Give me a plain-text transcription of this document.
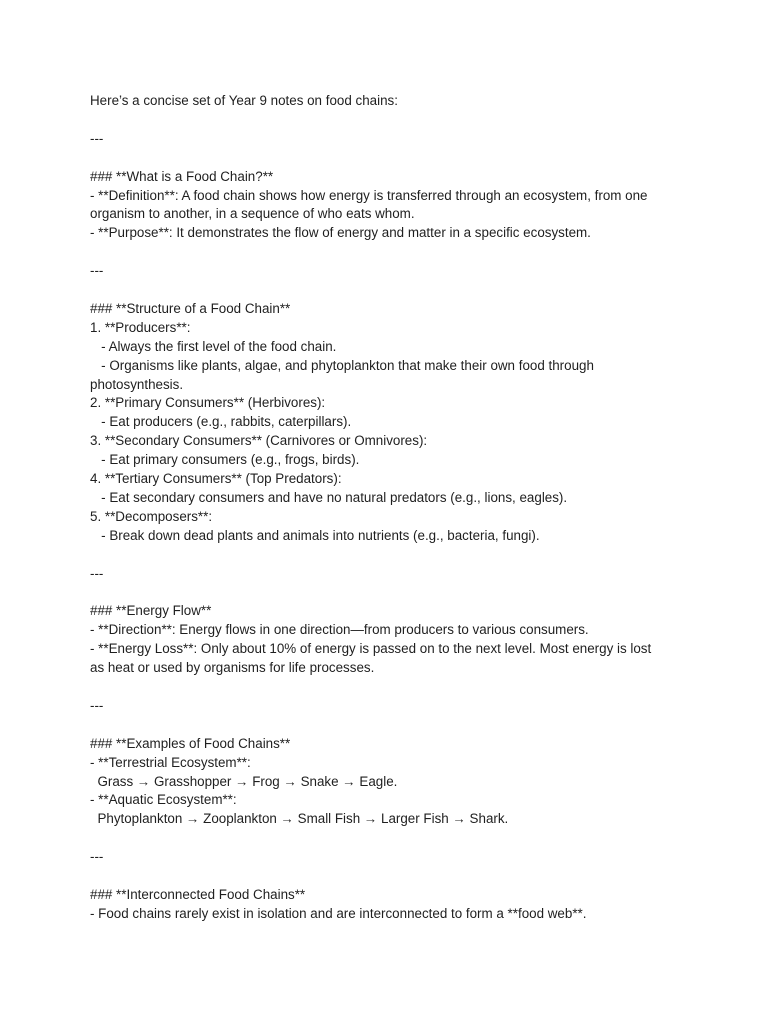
Here’s a concise set of Year 9 notes on food chains:
---
### **What is a Food Chain?**
- **Definition**: A food chain shows how energy is transferred through an ecosystem, from one
organism to another, in a sequence of who eats whom.
- **Purpose**: It demonstrates the flow of energy and matter in a specific ecosystem.
---
### **Structure of a Food Chain**
1. **Producers**:
- Always the first level of the food chain.
- Organisms like plants, algae, and phytoplankton that make their own food through
photosynthesis.
2. **Primary Consumers** (Herbivores):
- Eat producers (e.g., rabbits, caterpillars).
3. **Secondary Consumers** (Carnivores or Omnivores):
- Eat primary consumers (e.g., frogs, birds).
4. **Tertiary Consumers** (Top Predators):
- Eat secondary consumers and have no natural predators (e.g., lions, eagles).
5. **Decomposers**:
- Break down dead plants and animals into nutrients (e.g., bacteria, fungi).
---
### **Energy Flow**
- **Direction**: Energy flows in one direction—from producers to various consumers.
- **Energy Loss**: Only about 10% of energy is passed on to the next level. Most energy is lost
as heat or used by organisms for life processes.
---
### **Examples of Food Chains**
- **Terrestrial Ecosystem**:
Grass → Grasshopper → Frog → Snake → Eagle.
- **Aquatic Ecosystem**:
Phytoplankton → Zooplankton → Small Fish → Larger Fish → Shark.
---
### **Interconnected Food Chains**
- Food chains rarely exist in isolation and are interconnected to form a **food web**.
